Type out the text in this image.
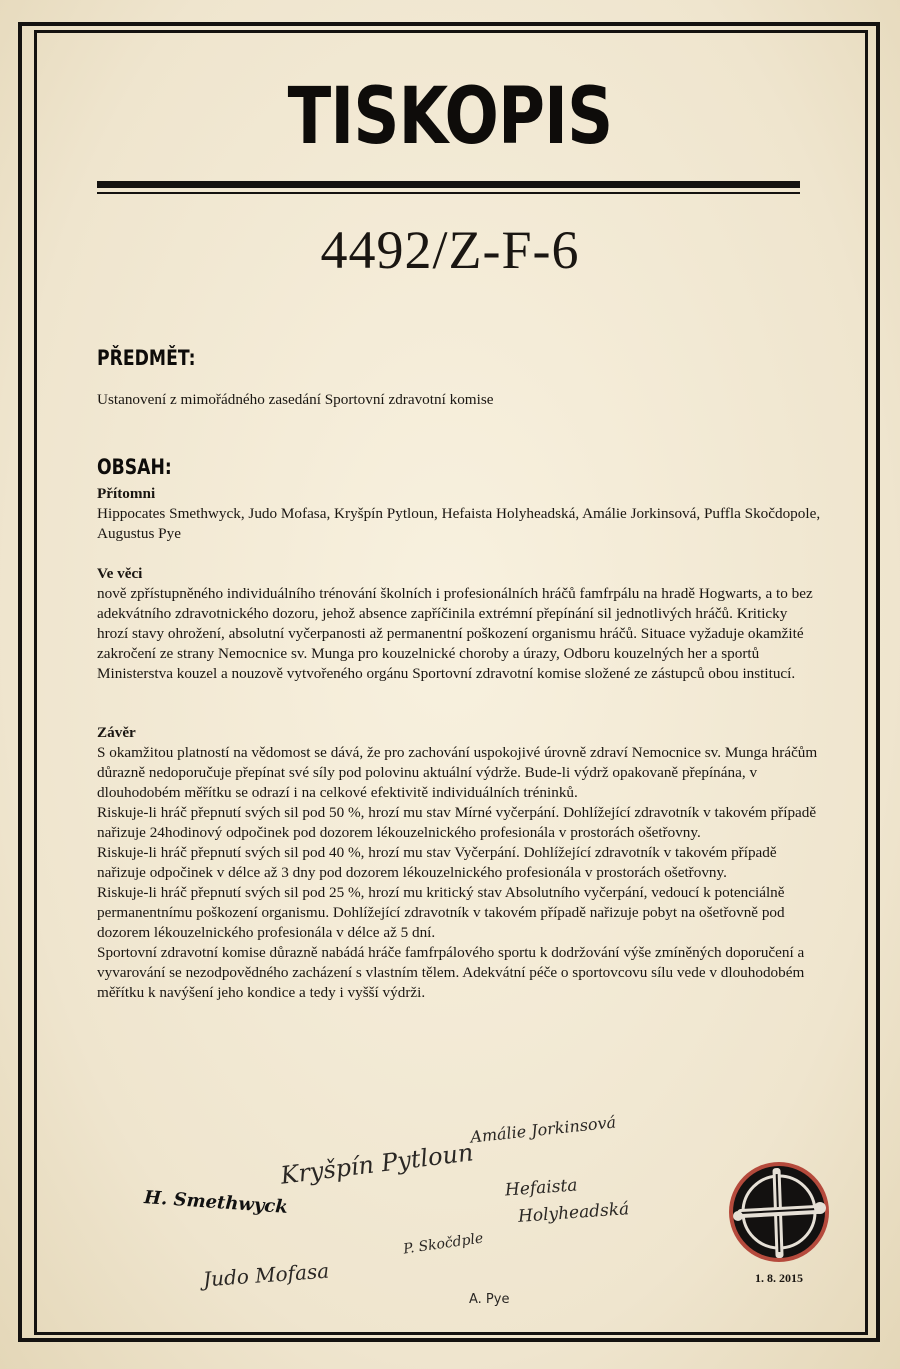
TISKOPIS
4492/Z-F-6
PŘEDMĚT:
Ustanovení z mimořádného zasedání Sportovní zdravotní komise
OBSAH:
Přítomni

Hippocates Smethwyck, Judo Mofasa, Kryšpín Pytloun, Hefaista Holyheadská, Amálie Jorkinsová, Puffla Skočdopole, Augustus Pye

Ve věci

nově zpřístupněného individuálního trénování školních i profesionálních hráčů famfrpálu na hradě Hogwarts, a to bez adekvátního zdravotnického dozoru, jehož absence zapříčinila extrémní přepínání sil jednotlivých hráčů. Kriticky hrozí stavy ohrožení, absolutní vyčerpanosti až permanentní poškození organismu hráčů. Situace vyžaduje okamžité zakročení ze strany Nemocnice sv. Munga pro kouzelnické choroby a úrazy, Odboru kouzelných her a sportů Ministerstva kouzel a nouzově vytvořeného orgánu Sportovní zdravotní komise složené ze zástupců obou institucí.

Závěr

S okamžitou platností na vědomost se dává, že pro zachování uspokojivé úrovně zdraví Nemocnice sv. Munga hráčům důrazně nedoporučuje přepínat své síly pod polovinu aktuální výdrže. Bude-li výdrž opakovaně přepínána, v dlouhodobém měřítku se odrazí i na celkové efektivitě individuálních tréninků.

Riskuje-li hráč přepnutí svých sil pod 50 %, hrozí mu stav Mírné vyčerpání. Dohlížející zdravotník v takovém případě nařizuje 24hodinový odpočinek pod dozorem lékouzelnického profesionála v prostorách ošetřovny.

Riskuje-li hráč přepnutí svých sil pod 40 %, hrozí mu stav Vyčerpání. Dohlížející zdravotník v takovém případě nařizuje odpočinek v délce až 3 dny pod dozorem lékouzelnického profesionála v prostorách ošetřovny.

Riskuje-li hráč přepnutí svých sil pod 25 %, hrozí mu kritický stav Absolutního vyčerpání, vedoucí k potenciálně permanentnímu poškození organismu. Dohlížející zdravotník v takovém případě nařizuje pobyt na ošetřovně pod dozorem lékouzelnického profesionála v délce až 5 dní.

Sportovní zdravotní komise důrazně nabádá hráče famfrpálového sportu k dodržování výše zmíněných doporučení a vyvarování se nezodpovědného zacházení s vlastním tělem. Adekvátní péče o sportovcovu sílu vede v dlouhodobém měřítku k navýšení jeho kondice a tedy i vyšší výdrži.

Amálie Jorkinsová
Kryšpín Pytloun Hefaista
Holyheadská
H. Smethwyck
P. Skočdple
Judo Mofasa
A. Pye
1. 8. 2015
